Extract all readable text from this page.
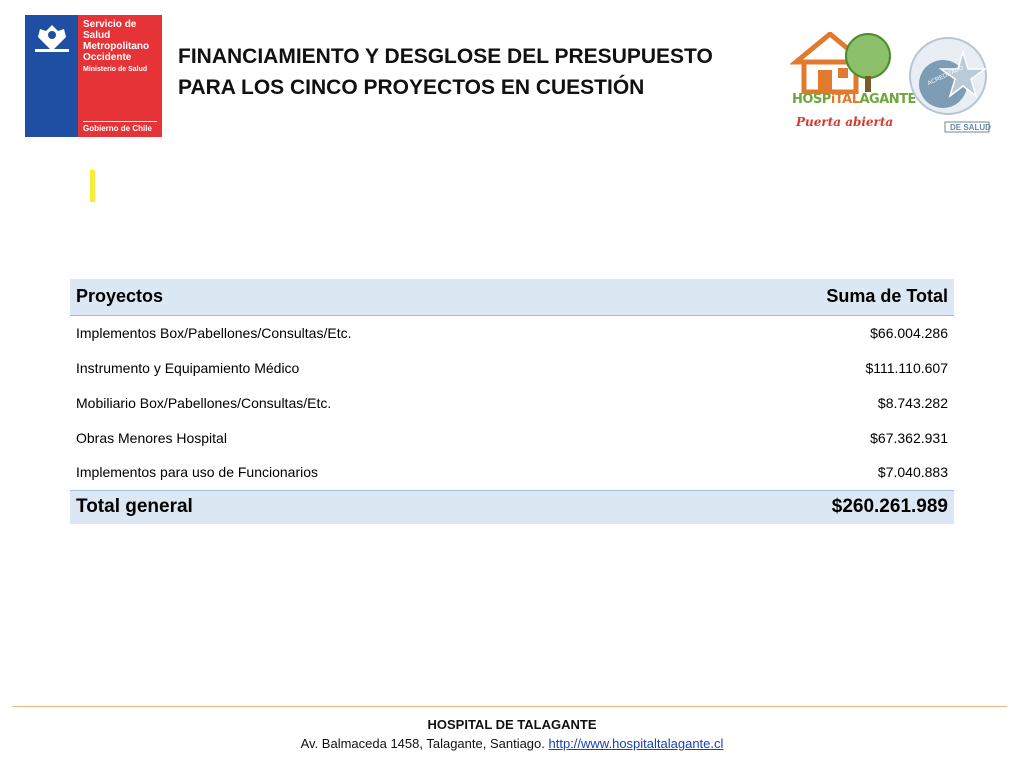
Servicio de Salud Metropolitano Occidente
Ministerio de Salud
Gobierno de Chile
FINANCIAMIENTO Y DESGLOSE DEL PRESUPUESTO
PARA LOS CINCO PROYECTOS EN CUESTIÓN
HOSPiTALAGANTE
Puerta abierta
ACREDITADO
DE SALUD
Proyectos	Suma de Total
Implementos Box/Pabellones/Consultas/Etc.	$66.004.286
Instrumento y Equipamiento Médico	$111.110.607
Mobiliario Box/Pabellones/Consultas/Etc.	$8.743.282
Obras Menores Hospital	$67.362.931
Implementos para uso de Funcionarios	$7.040.883
Total general	$260.261.989
HOSPITAL DE TALAGANTE
Av. Balmaceda 1458, Talagante, Santiago. http://www.hospitaltalagante.cl
